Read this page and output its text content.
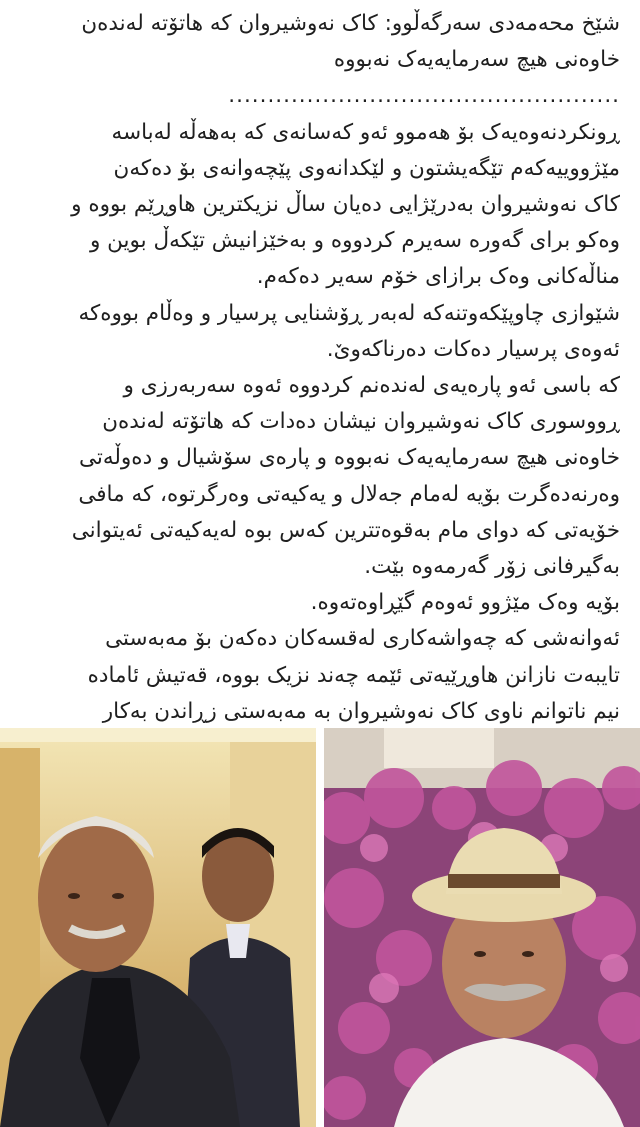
شێخ محەمەدی سەرگەڵوو: کاک نەوشیروان کە هاتۆتە لەندەن
خاوەنی هیچ سەرمایەیەک نەبووە
..................................................
ڕونکردنەوەیەک بۆ هەموو ئەو کەسانەی کە بەهەڵە لەباسە
مێژووییەکەم تێگەیشتون و لێکدانەوی پێچەوانەی بۆ دەکەن
کاک نەوشیروان بەدرێژایی دەیان ساڵ نزیکترین هاوڕێم بووە و
وەکو برای گەورە سەیرم کردووە و بەخێزانیش تێکەڵ بوین و
مناڵەکانی وەک برازای خۆم سەیر دەکەم.
شێوازی چاوپێکەوتنەکە لەبەر ڕۆشنایی پرسیار و وەڵام بووەکە
ئەوەی پرسیار دەکات دەرناکەوێ.
کە باسی ئەو پارەیەی لەندەنم کردووە ئەوە سەربەرزی و
ڕووسوری کاک نەوشیروان نیشان دەدات کە هاتۆتە لەندەن
خاوەنی هیچ سەرمایەیەک نەبووە و پارەی سۆشیال و دەوڵەتی
وەرنەدەگرت بۆیە لەمام جەلال و یەکیەتی وەرگرتوە، کە مافی
خۆیەتی کە دوای مام بەقوەتترین کەس بوە لەیەکیەتی ئەیتوانی
بەگیرفانی زۆر گەرمەوە بێت.
بۆیە وەک مێژوو ئەوەم گێڕاوەتەوە.
ئەوانەشی کە چەواشەکاری لەقسەکان دەکەن بۆ مەبەستی
تایبەت نازانن هاوڕێیەتی ئێمە چەند نزیک بووە، قەتیش ئامادە
نیم ناتوانم ناوی کاک نەوشیروان بە مەبەستی زڕاندن بەکار
